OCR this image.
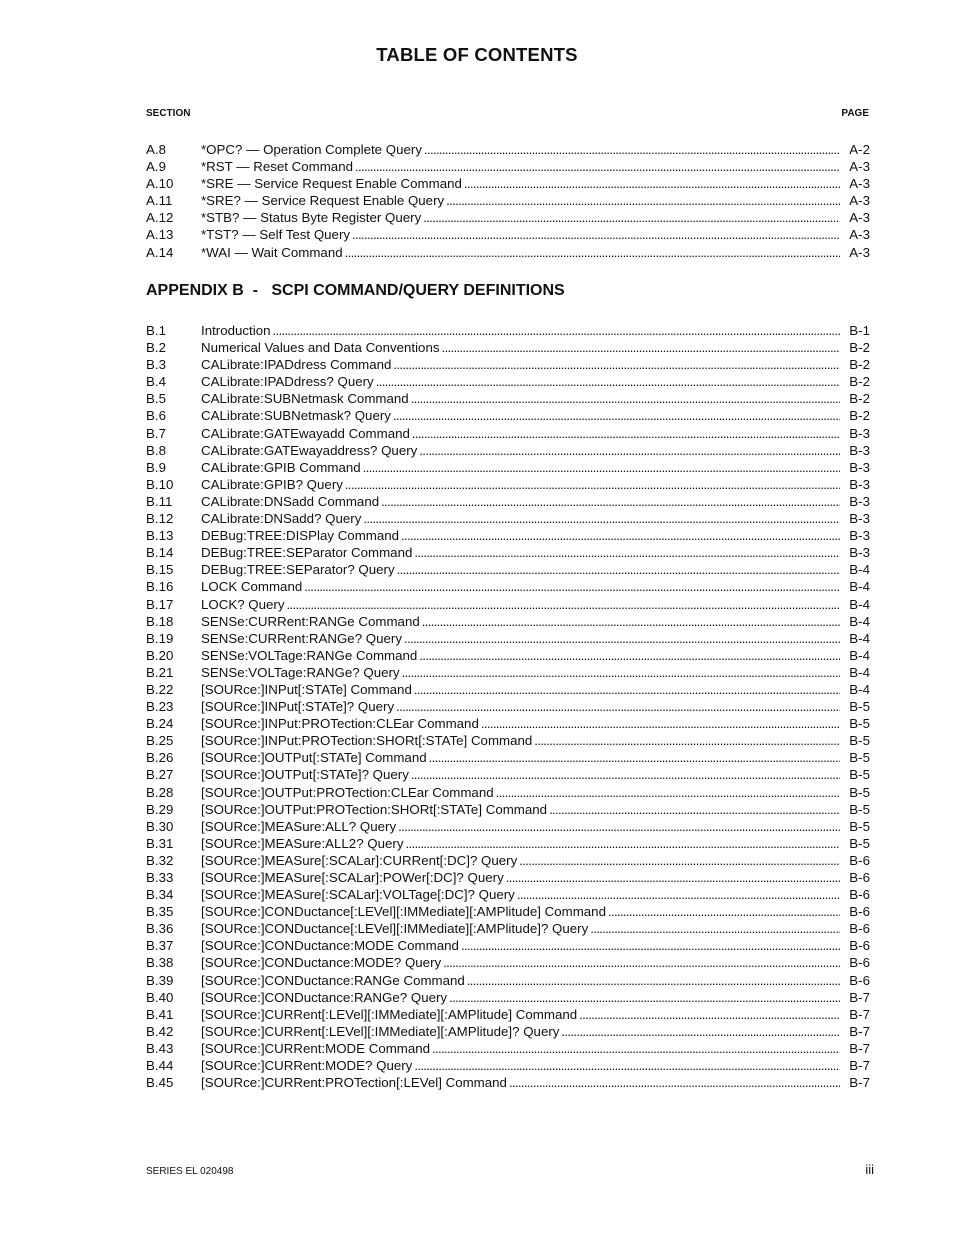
TABLE OF CONTENTS
SECTION	PAGE
A.8	*OPC? — Operation Complete Query . . .	A-2
A.9	*RST — Reset Command . . .	A-3
A.10	*SRE — Service Request Enable Command . . .	A-3
A.11	*SRE? — Service Request Enable Query . . .	A-3
A.12	*STB? — Status Byte Register Query . . .	A-3
A.13	*TST? — Self Test Query . . .	A-3
A.14	*WAI — Wait Command . . .	A-3
APPENDIX B  -   SCPI COMMAND/QUERY DEFINITIONS
B.1	Introduction . . .	B-1
B.2	Numerical Values and Data Conventions . . .	B-2
B.3	CALibrate:IPADdress Command . . .	B-2
B.4	CALibrate:IPADdress? Query . . .	B-2
B.5	CALibrate:SUBNetmask Command . . .	B-2
B.6	CALibrate:SUBNetmask? Query . . .	B-2
B.7	CALibrate:GATEwayadd Command . . .	B-3
B.8	CALibrate:GATEwayaddress? Query . . .	B-3
B.9	CALibrate:GPIB Command . . .	B-3
B.10	CALibrate:GPIB? Query . . .	B-3
B.11	CALibrate:DNSadd Command . . .	B-3
B.12	CALibrate:DNSadd? Query . . .	B-3
B.13	DEBug:TREE:DISPlay Command . . .	B-3
B.14	DEBug:TREE:SEParator Command . . .	B-3
B.15	DEBug:TREE:SEParator? Query . . .	B-4
B.16	LOCK Command . . .	B-4
B.17	LOCK? Query . . .	B-4
B.18	SENSe:CURRent:RANGe Command . . .	B-4
B.19	SENSe:CURRent:RANGe? Query . . .	B-4
B.20	SENSe:VOLTage:RANGe Command . . .	B-4
B.21	SENSe:VOLTage:RANGe? Query . . .	B-4
B.22	[SOURce:]INPut[:STATe] Command . . .	B-4
B.23	[SOURce:]INPut[:STATe]? Query . . .	B-5
B.24	[SOURce:]INPut:PROTection:CLEar Command . . .	B-5
B.25	[SOURce:]INPut:PROTection:SHORt[:STATe] Command . . .	B-5
B.26	[SOURce:]OUTPut[:STATe] Command . . .	B-5
B.27	[SOURce:]OUTPut[:STATe]? Query . . .	B-5
B.28	[SOURce:]OUTPut:PROTection:CLEar Command . . .	B-5
B.29	[SOURce:]OUTPut:PROTection:SHORt[:STATe] Command . . .	B-5
B.30	[SOURce:]MEASure:ALL? Query . . .	B-5
B.31	[SOURce:]MEASure:ALL2? Query . . .	B-5
B.32	[SOURce:]MEASure[:SCALar]:CURRent[:DC]? Query . . .	B-6
B.33	[SOURce:]MEASure[:SCALar]:POWer[:DC]? Query . . .	B-6
B.34	[SOURce:]MEASure[:SCALar]:VOLTage[:DC]? Query . . .	B-6
B.35	[SOURce:]CONDuctance[:LEVel][:IMMediate][:AMPlitude] Command . . .	B-6
B.36	[SOURce:]CONDuctance[:LEVel][:IMMediate][:AMPlitude]? Query . . .	B-6
B.37	[SOURce:]CONDuctance:MODE Command . . .	B-6
B.38	[SOURce:]CONDuctance:MODE? Query . . .	B-6
B.39	[SOURce:]CONDuctance:RANGe Command . . .	B-6
B.40	[SOURce:]CONDuctance:RANGe? Query . . .	B-7
B.41	[SOURce:]CURRent[:LEVel][:IMMediate][:AMPlitude] Command . . .	B-7
B.42	[SOURce:]CURRent[:LEVel][:IMMediate][:AMPlitude]? Query . . .	B-7
B.43	[SOURce:]CURRent:MODE Command . . .	B-7
B.44	[SOURce:]CURRent:MODE? Query . . .	B-7
B.45	[SOURce:]CURRent:PROTection[:LEVel] Command . . .	B-7
SERIES EL 020498	iii
